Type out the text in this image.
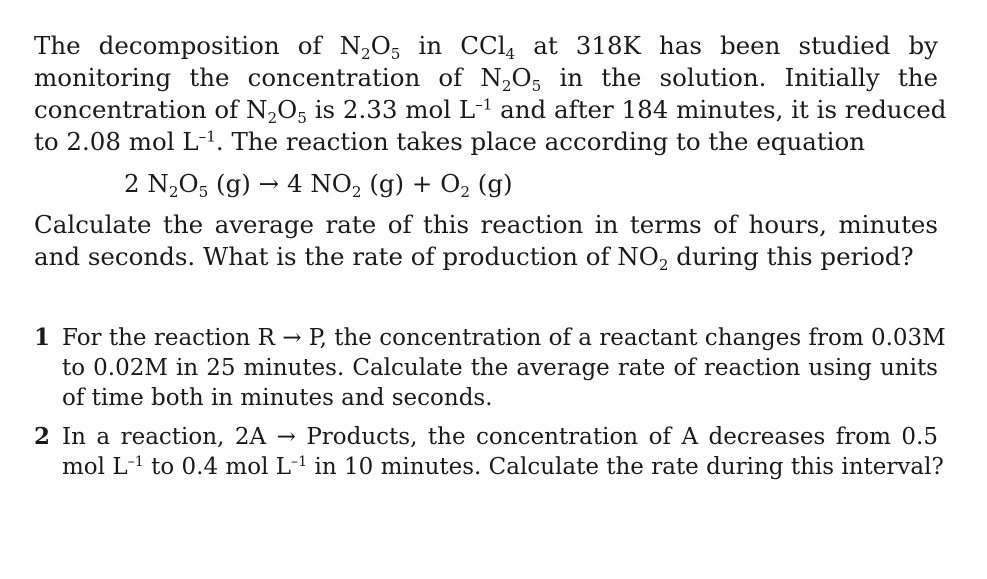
The decomposition of $N_2O_5$ in CCl$_4$ at 318K has been studied by
monitoring the concentration of $N_2O_5$ in the solution. Initially the
concentration of $N_2O_5$ is 2.33 mol $L^{-1}$ and after 184 minutes, it is reduced
to 2.08 mol $L^{-1}$. The reaction takes place according to the equation

2 $N_2O_5$ (g) → 4 $NO_2$ $(g) + O_2$ (g)

Calculate the average rate of this reaction in terms of hours, minutes
and seconds. What is the rate of production of $NO_2$ during this period?

1 For the reaction R → P, the concentration of a reactant changes from 0.03M
to 0.02M in 25 minutes. Calculate the average rate of reaction using units
of time both in minutes and seconds.
2 In a reaction, 2A → Products, the concentration of A decreases from 0.5
mol $L^{-1}$ to 0.4 mol $L^{-1}$ in 10 minutes. Calculate the rate during this interval?
